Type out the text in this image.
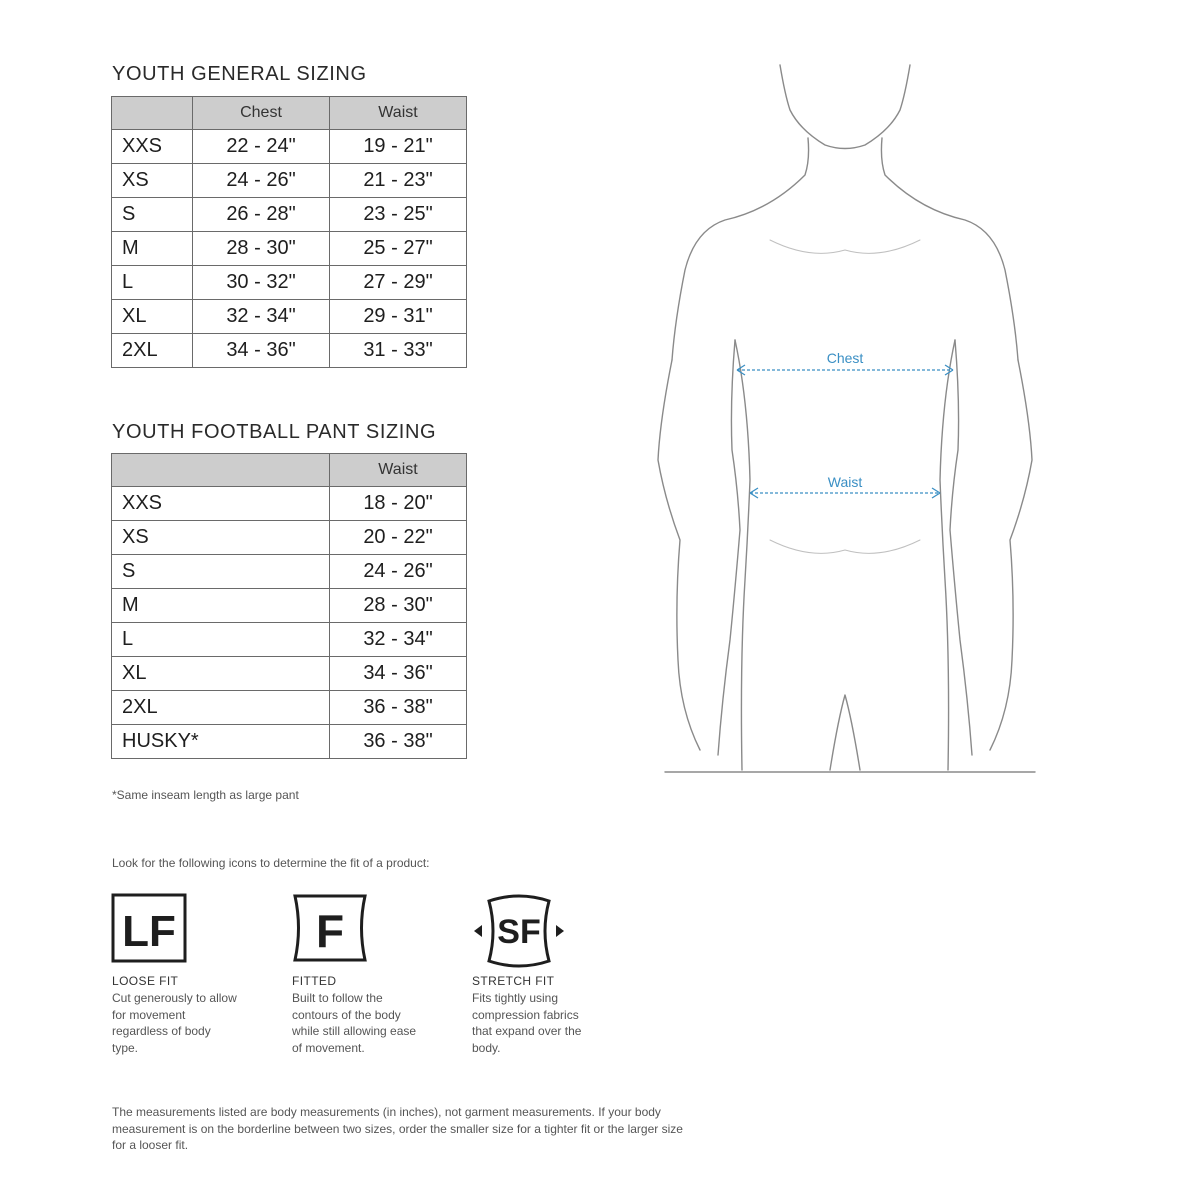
YOUTH GENERAL SIZING
	Chest	Waist
XXS	22 - 24"	19 - 21"
XS	24 - 26"	21 - 23"
S	26 - 28"	23 - 25"
M	28 - 30"	25 - 27"
L	30 - 32"	27 - 29"
XL	32 - 34"	29 - 31"
2XL	34 - 36"	31 - 33"
YOUTH FOOTBALL PANT SIZING
	Waist
XXS	18 - 20"
XS	20 - 22"
S	24 - 26"
M	28 - 30"
L	32 - 34"
XL	34 - 36"
2XL	36 - 38"
HUSKY*	36 - 38"

*Same inseam length as large pant

Look for the following icons to determine the fit of a product:

LF

LOOSE FIT

Cut generously to allow for movement regardless of body type.

F

FITTED

Built to follow the contours of the body while still allowing ease of movement.

SF

STRETCH FIT

Fits tightly using compression fabrics that expand over the body.

The measurements listed are body measurements (in inches), not garment measurements. If your body measurement is on the borderline between two sizes, order the smaller size for a tighter fit or the larger size for a looser fit.

Chest
Waist
